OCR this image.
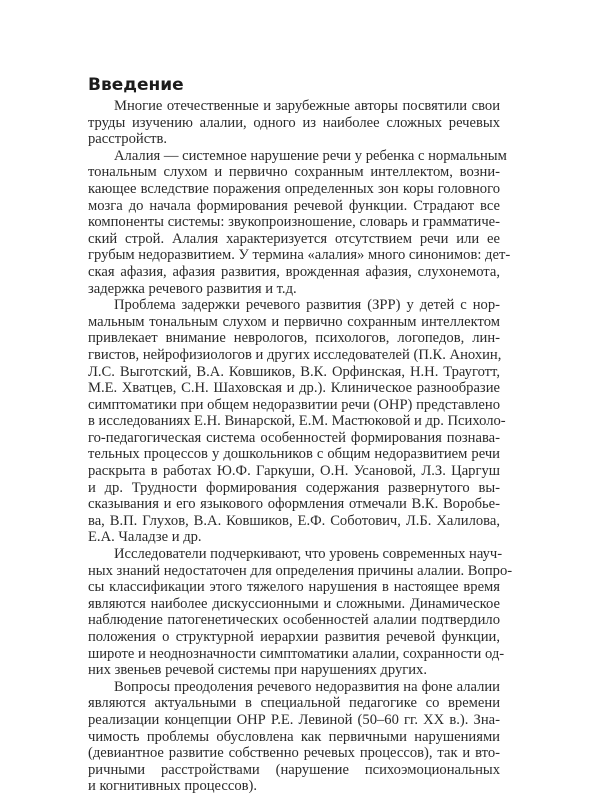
Введение

Многие отечественные и зарубежные авторы посвятили свои
труды изучению алалии, одного из наиболее сложных речевых
расстройств.

Алалия — системное нарушение речи у ребенка с нормальным
тональным слухом и первично сохранным интеллектом, возни-
кающее вследствие поражения определенных зон коры головного
мозга до начала формирования речевой функции. Страдают все
компоненты системы: звукопроизношение, словарь и грамматиче-
ский строй. Алалия характеризуется отсутствием речи или ее
грубым недоразвитием. У термина «алалия» много синонимов: дет-
ская афазия, афазия развития, врожденная афазия, слухонемота,
задержка речевого развития и т.д.

Проблема задержки речевого развития (ЗРР) у детей с нор-
мальным тональным слухом и первично сохранным интеллектом
привлекает внимание неврологов, психологов, логопедов, лин-
гвистов, нейрофизиологов и других исследователей (П.К. Анохин,
Л.С. Выготский, В.А. Ковшиков, В.К. Орфинская, Н.Н. Трауготт,
М.Е. Хватцев, С.Н. Шаховская и др.). Клиническое разнообразие
симптоматики при общем недоразвитии речи (ОНР) представлено
в исследованиях Е.Н. Винарской, Е.М. Мастюковой и др. Психоло-
го-педагогическая система особенностей формирования познава-
тельных процессов у дошкольников с общим недоразвитием речи
раскрыта в работах Ю.Ф. Гаркуши, О.Н. Усановой, Л.З. Царгуш
и др. Трудности формирования содержания развернутого вы-
сказывания и его языкового оформления отмечали В.К. Воробье-
ва, В.П. Глухов, В.А. Ковшиков, Е.Ф. Соботович, Л.Б. Халилова,
Е.А. Чаладзе и др.

Исследователи подчеркивают, что уровень современных науч-
ных знаний недостаточен для определения причины алалии. Вопро-
сы классификации этого тяжелого нарушения в настоящее время
являются наиболее дискуссионными и сложными. Динамическое
наблюдение патогенетических особенностей алалии подтвердило
положения о структурной иерархии развития речевой функции,
широте и неоднозначности симптоматики алалии, сохранности од-
них звеньев речевой системы при нарушениях других.

Вопросы преодоления речевого недоразвития на фоне алалии
являются актуальными в специальной педагогике со времени
реализации концепции ОНР Р.Е. Левиной (50–60 гг. XX в.). Зна-
чимость проблемы обусловлена как первичными нарушениями
(девиантное развитие собственно речевых процессов), так и вто-
ричными расстройствами (нарушение психоэмоциональных
и когнитивных процессов).
